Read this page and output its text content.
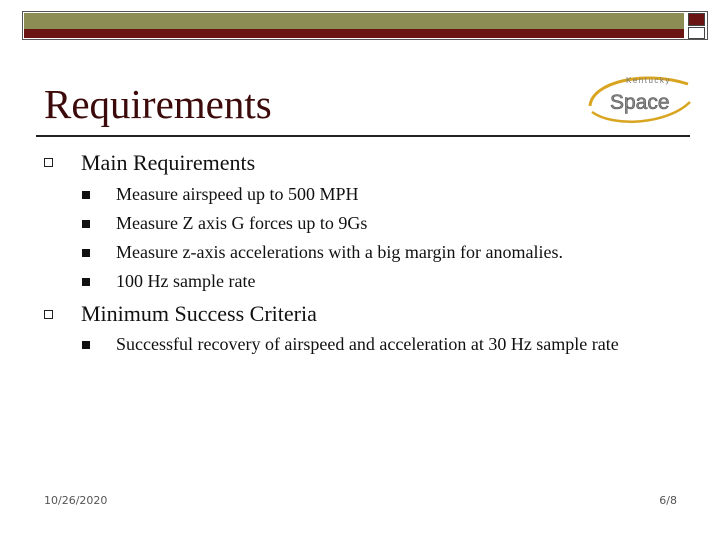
Requirements
Kentucky
Space

Main Requirements

Measure airspeed up to 500 MPH

Measure Z axis G forces up to 9Gs

Measure z-axis accelerations with a big margin for anomalies.

100 Hz sample rate

Minimum Success Criteria

Successful recovery of airspeed and acceleration at 30 Hz sample rate

10/26/2020	6/8
